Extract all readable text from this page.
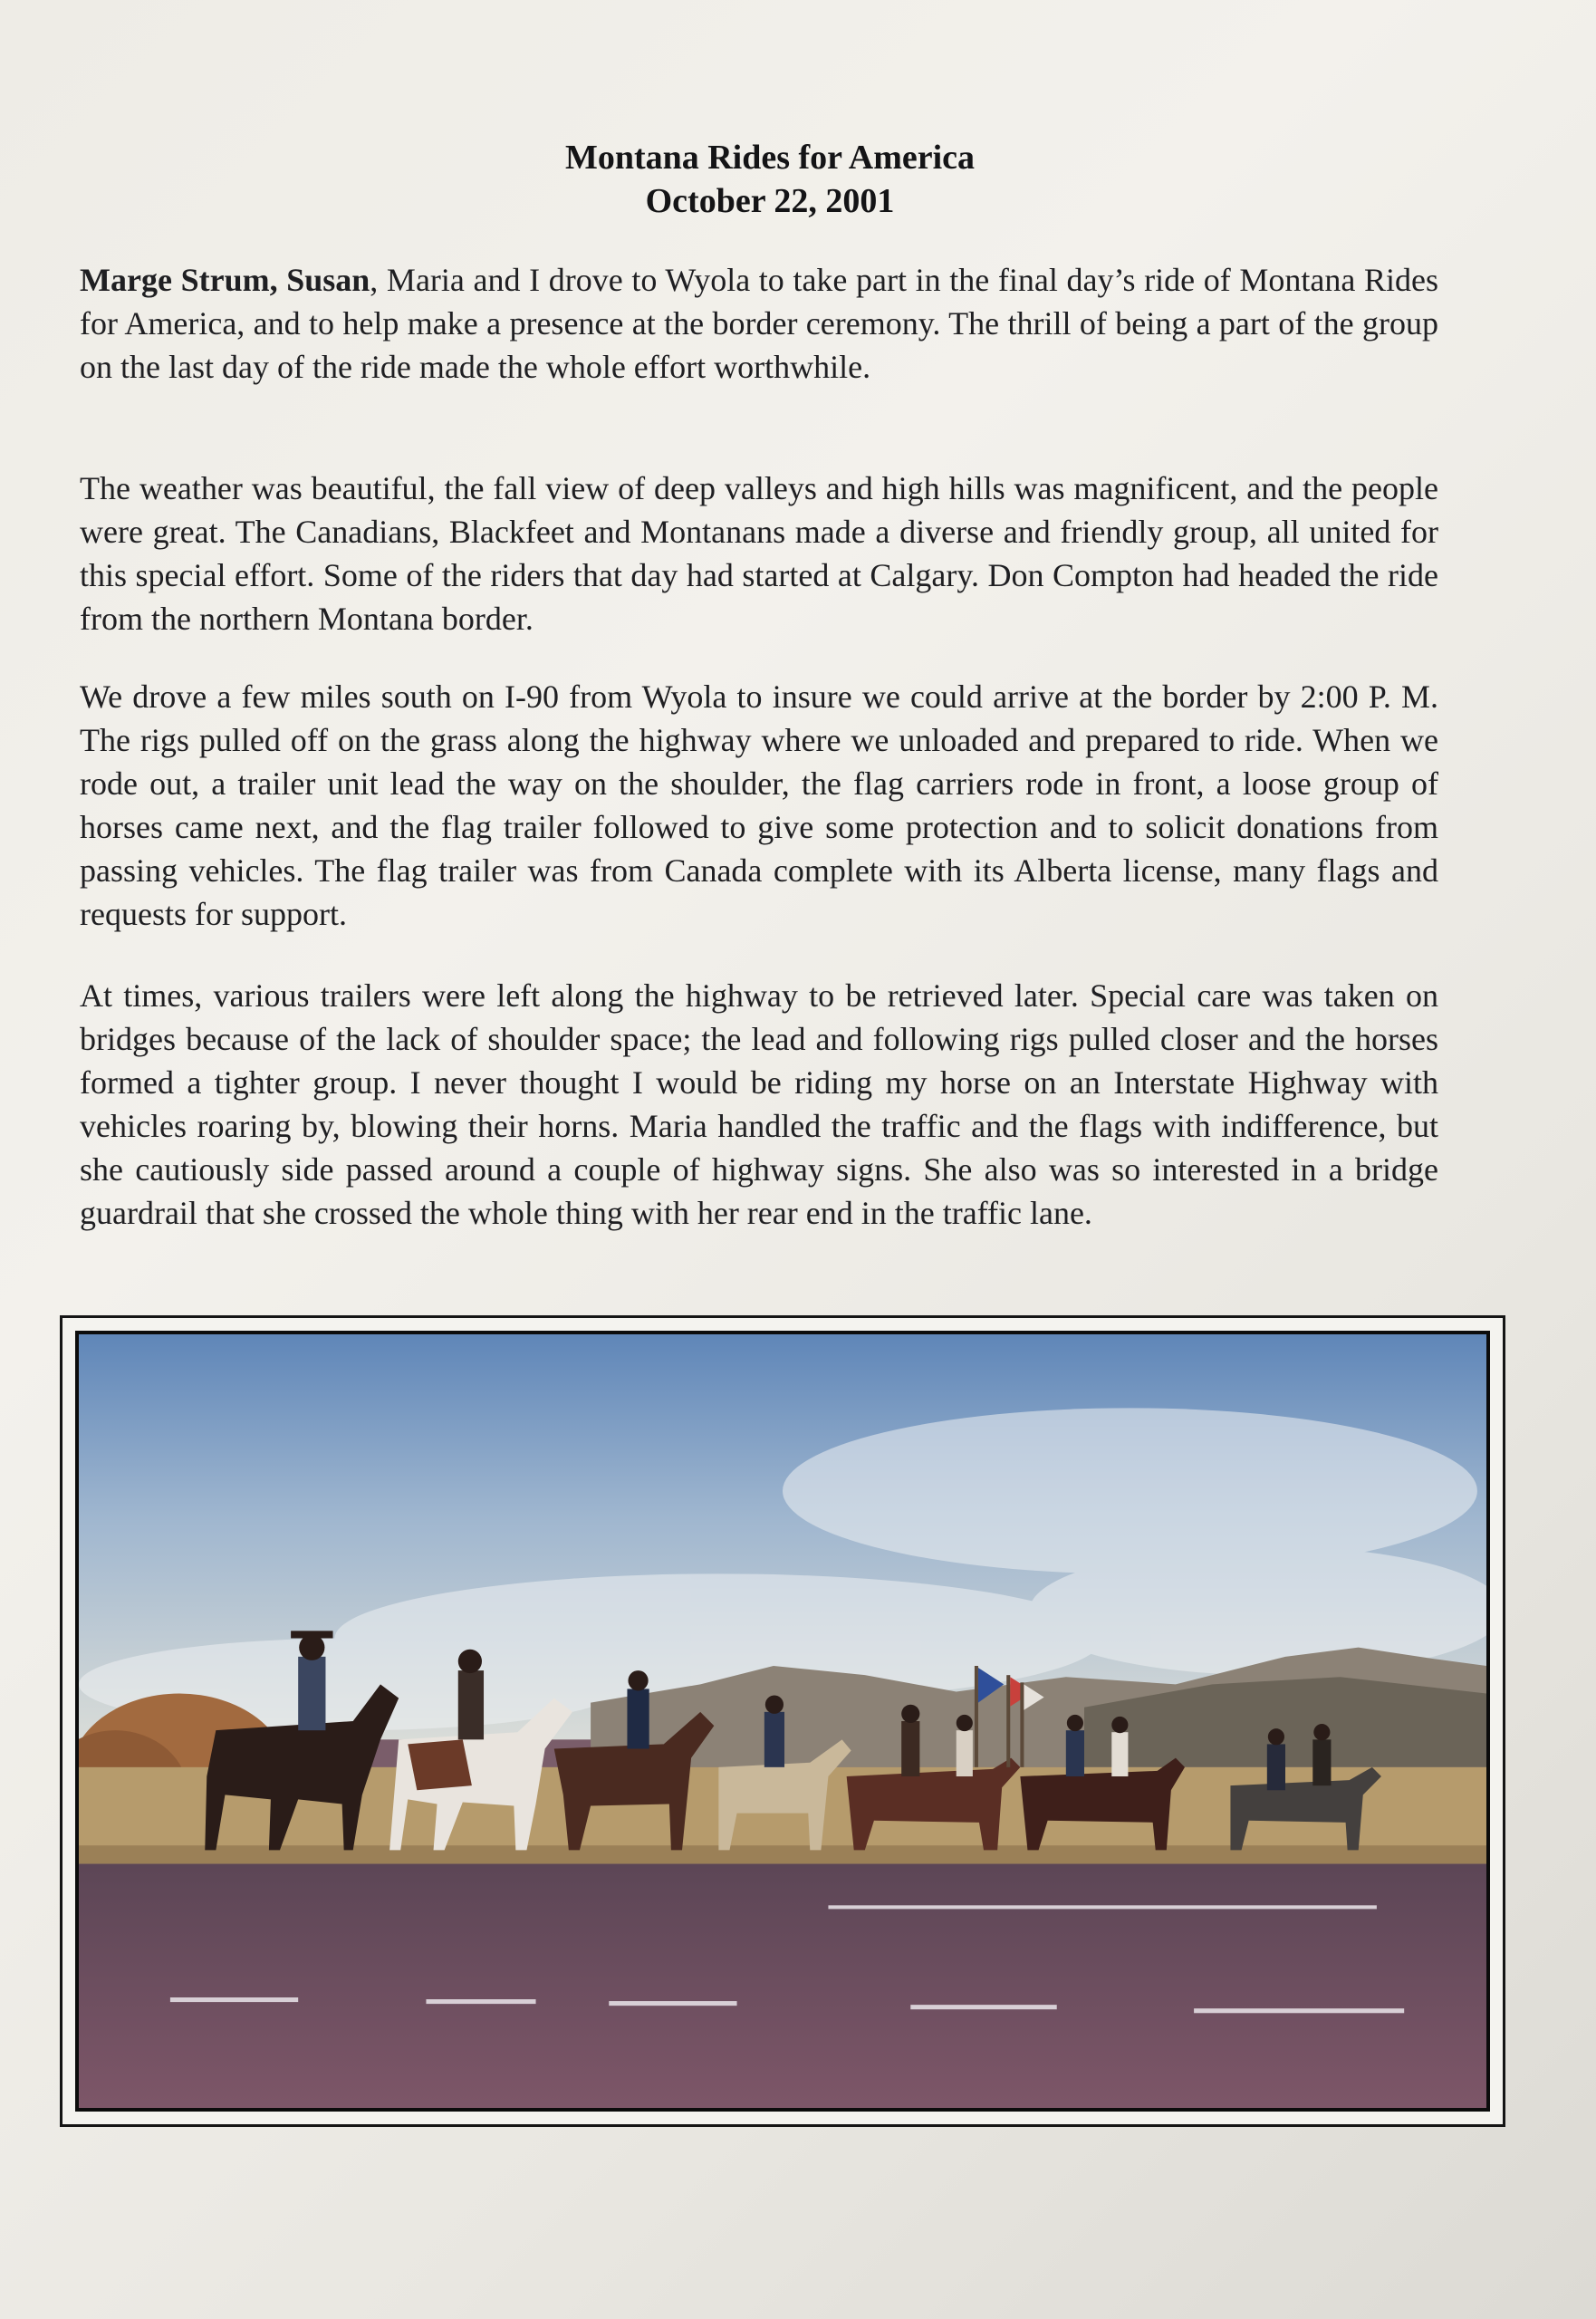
Montana Rides for America
October 22, 2001
Marge Strum, Susan, Maria and I drove to Wyola to take part in the final day’s ride of Montana Rides for America, and to help make a presence at the border ceremony. The thrill of being a part of the group on the last day of the ride made the whole effort worthwhile.
The weather was beautiful, the fall view of deep valleys and high hills was magnificent, and the people were great. The Canadians, Blackfeet and Montanans made a diverse and friendly group, all united for this special effort. Some of the riders that day had started at Calgary. Don Compton had headed the ride from the northern Montana border.
We drove a few miles south on I-90 from Wyola to insure we could arrive at the border by 2:00 P. M. The rigs pulled off on the grass along the highway where we unloaded and prepared to ride. When we rode out, a trailer unit lead the way on the shoulder, the flag carriers rode in front, a loose group of horses came next, and the flag trailer followed to give some protection and to solicit donations from passing vehicles. The flag trailer was from Canada complete with its Alberta license, many flags and requests for support.
At times, various trailers were left along the highway to be retrieved later. Special care was taken on bridges because of the lack of shoulder space; the lead and following rigs pulled closer and the horses formed a tighter group. I never thought I would be riding my horse on an Interstate Highway with vehicles roaring by, blowing their horns. Maria handled the traffic and the flags with indifference, but she cautiously side passed around a couple of highway signs. She also was so interested in a bridge guardrail that she crossed the whole thing with her rear end in the traffic lane.
